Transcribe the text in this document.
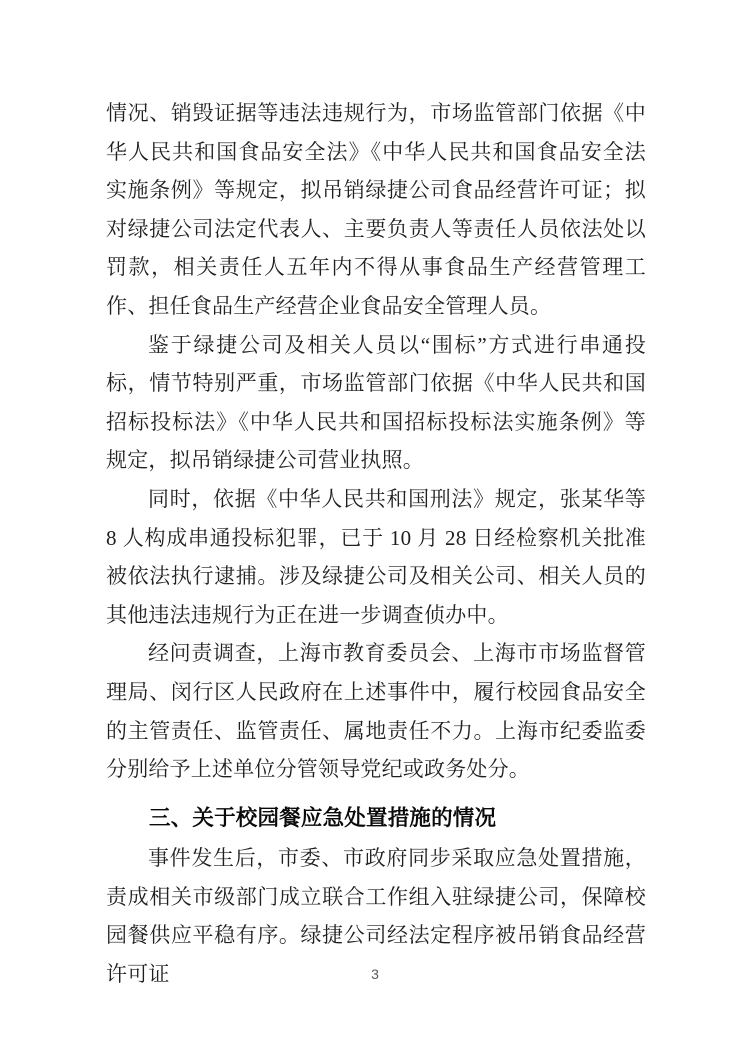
情况、销毁证据等违法违规行为，市场监管部门依据《中华人民共和国食品安全法》《中华人民共和国食品安全法实施条例》等规定，拟吊销绿捷公司食品经营许可证；拟对绿捷公司法定代表人、主要负责人等责任人员依法处以罚款，相关责任人五年内不得从事食品生产经营管理工作、担任食品生产经营企业食品安全管理人员。

鉴于绿捷公司及相关人员以“围标”方式进行串通投标，情节特别严重，市场监管部门依据《中华人民共和国招标投标法》《中华人民共和国招标投标法实施条例》等规定，拟吊销绿捷公司营业执照。

同时，依据《中华人民共和国刑法》规定，张某华等 8 人构成串通投标犯罪，已于 10 月 28 日经检察机关批准被依法执行逮捕。涉及绿捷公司及相关公司、相关人员的其他违法违规行为正在进一步调查侦办中。

经问责调查，上海市教育委员会、上海市市场监督管理局、闵行区人民政府在上述事件中，履行校园食品安全的主管责任、监管责任、属地责任不力。上海市纪委监委分别给予上述单位分管领导党纪或政务处分。

三、关于校园餐应急处置措施的情况

事件发生后，市委、市政府同步采取应急处置措施，责成相关市级部门成立联合工作组入驻绿捷公司，保障校园餐供应平稳有序。绿捷公司经法定程序被吊销食品经营许可证	3
